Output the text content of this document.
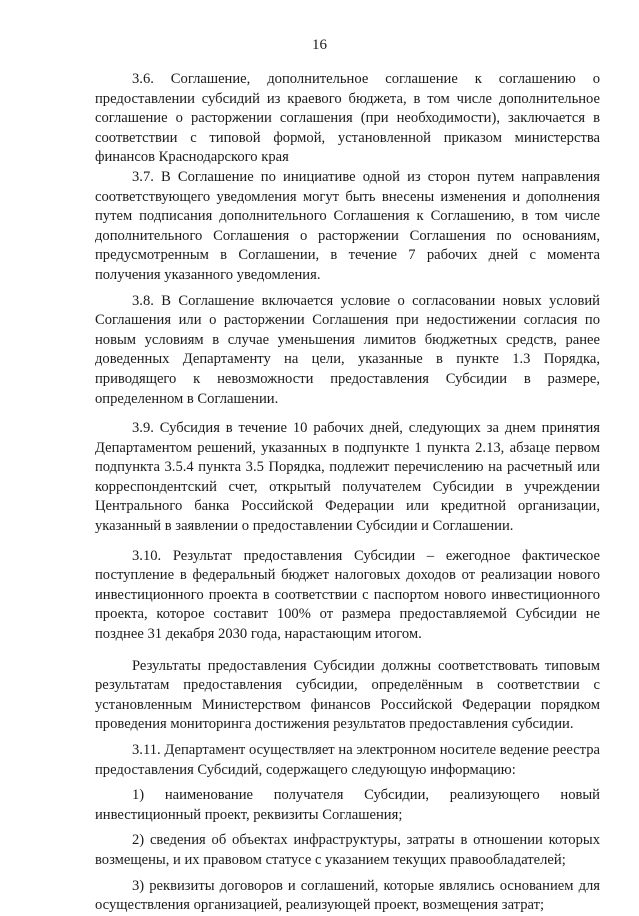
16

3.6. Соглашение, дополнительное соглашение к соглашению о предоставлении субсидий из краевого бюджета, в том числе дополнительное соглашение о расторжении соглашения (при необходимости), заключается в соответствии с типовой формой, установленной приказом министерства финансов Краснодарского края

3.7. В Соглашение по инициативе одной из сторон путем направления соответствующего уведомления могут быть внесены изменения и дополнения путем подписания дополнительного Соглашения к Соглашению, в том числе дополнительного Соглашения о расторжении Соглашения по основаниям, предусмотренным в Соглашении, в течение 7 рабочих дней с момента получения указанного уведомления.

3.8. В Соглашение включается условие о согласовании новых условий Соглашения или о расторжении Соглашения при недостижении согласия по новым условиям в случае уменьшения лимитов бюджетных средств, ранее доведенных Департаменту на цели, указанные в пункте 1.3 Порядка, приводящего к невозможности предоставления Субсидии в размере, определенном в Соглашении.

3.9. Субсидия в течение 10 рабочих дней, следующих за днем принятия Департаментом решений, указанных в подпункте 1 пункта 2.13, абзаце первом подпункта 3.5.4 пункта 3.5 Порядка, подлежит перечислению на расчетный или корреспондентский счет, открытый получателем Субсидии в учреждении Центрального банка Российской Федерации или кредитной организации, указанный в заявлении о предоставлении Субсидии и Соглашении.

3.10. Результат предоставления Субсидии – ежегодное фактическое поступление в федеральный бюджет налоговых доходов от реализации нового инвестиционного проекта в соответствии с паспортом нового инвестиционного проекта, которое составит 100% от размера предоставляемой Субсидии не позднее 31 декабря 2030 года, нарастающим итогом.

Результаты предоставления Субсидии должны соответствовать типовым результатам предоставления субсидии, определённым в соответствии с установленным Министерством финансов Российской Федерации порядком проведения мониторинга достижения результатов предоставления субсидии.

3.11. Департамент осуществляет на электронном носителе ведение реестра предоставления Субсидий, содержащего следующую информацию:

1) наименование получателя Субсидии, реализующего новый инвестиционный проект, реквизиты Соглашения;

2) сведения об объектах инфраструктуры, затраты в отношении которых возмещены, и их правовом статусе с указанием текущих правообладателей;

3) реквизиты договоров и соглашений, которые являлись основанием для осуществления организацией, реализующей проект, возмещения затрат;
